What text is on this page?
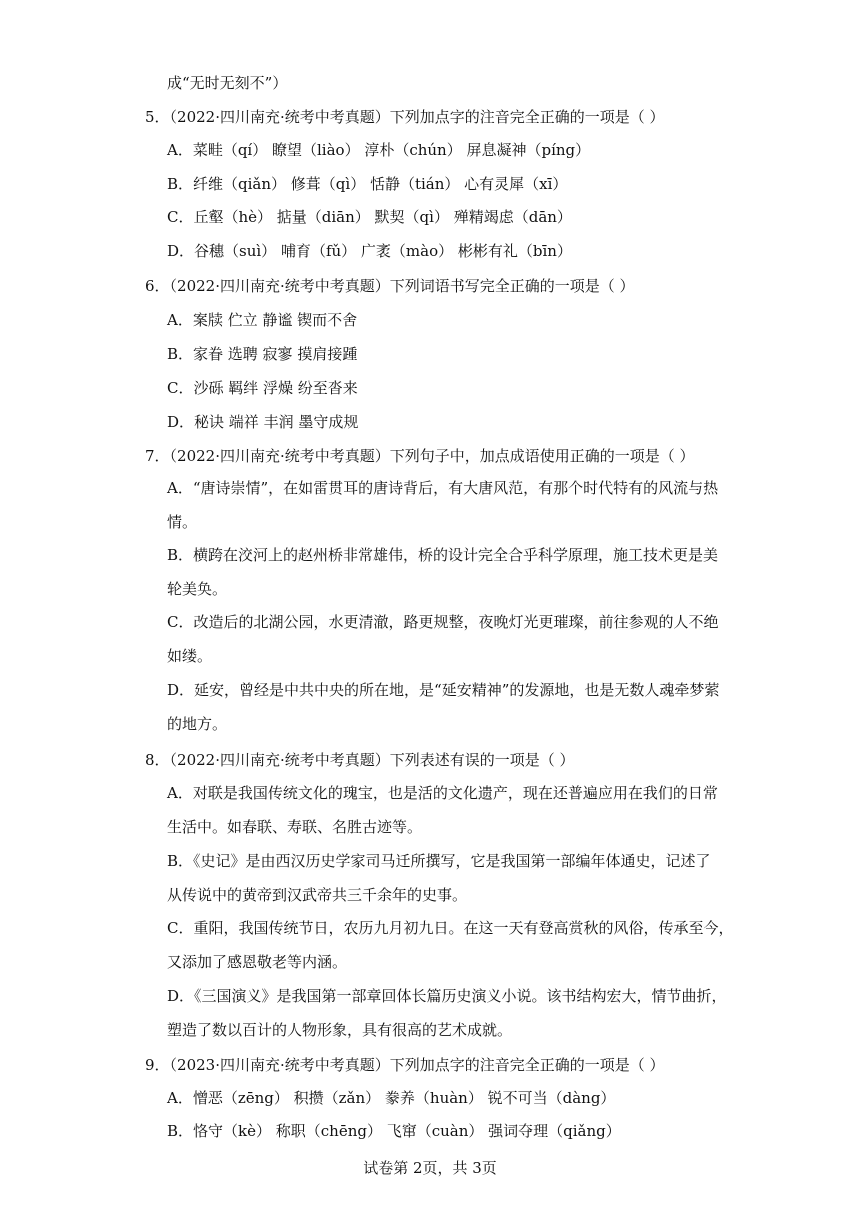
成“无时无刻不”）
5．（2022·四川南充·统考中考真题）下列加点字的注音完全正确的一项是（ ）
A．菜畦（qí） 瞭望（liào） 淳朴（chún） 屏息凝神（píng）
B．纤维（qiǎn） 修葺（qì） 恬静（tián） 心有灵犀（xī）
C．丘壑（hè） 掂量（diān） 默契（qì） 殚精竭虑（dān）
D．谷穗（suì） 哺育（fǔ） 广袤（mào） 彬彬有礼（bīn）
6．（2022·四川南充·统考中考真题）下列词语书写完全正确的一项是（ ）
A．案牍 伫立 静谧 锲而不舍
B．家眷 选聘 寂寥 摸肩接踵
C．沙砾 羁绊 浮燥 纷至沓来
D．秘诀 端祥 丰润 墨守成规
7．（2022·四川南充·统考中考真题）下列句子中，加点成语使用正确的一项是（ ）
A．“唐诗崇情”，在如雷贯耳的唐诗背后，有大唐风范，有那个时代特有的风流与热
情。
B．横跨在洨河上的赵州桥非常雄伟，桥的设计完全合乎科学原理，施工技术更是美
轮美奂。
C．改造后的北湖公园，水更清澈，路更规整，夜晚灯光更璀璨，前往参观的人不绝
如缕。
D．延安，曾经是中共中央的所在地，是“延安精神”的发源地，也是无数人魂牵梦萦
的地方。
8．（2022·四川南充·统考中考真题）下列表述有误的一项是（ ）
A．对联是我国传统文化的瑰宝，也是活的文化遗产，现在还普遍应用在我们的日常
生活中。如春联、寿联、名胜古迹等。
B．《史记》是由西汉历史学家司马迁所撰写，它是我国第一部编年体通史，记述了
从传说中的黄帝到汉武帝共三千余年的史事。
C．重阳，我国传统节日，农历九月初九日。在这一天有登高赏秋的风俗，传承至今，
又添加了感恩敬老等内涵。
D．《三国演义》是我国第一部章回体长篇历史演义小说。该书结构宏大，情节曲折，
塑造了数以百计的人物形象，具有很高的艺术成就。
9．（2023·四川南充·统考中考真题）下列加点字的注音完全正确的一项是（ ）
A．憎恶（zēng） 积攒（zǎn） 豢养（huàn） 锐不可当（dàng）
B．恪守（kè） 称职（chēng） 飞窜（cuàn） 强词夺理（qiǎng）
试卷第 2页，共 3页
